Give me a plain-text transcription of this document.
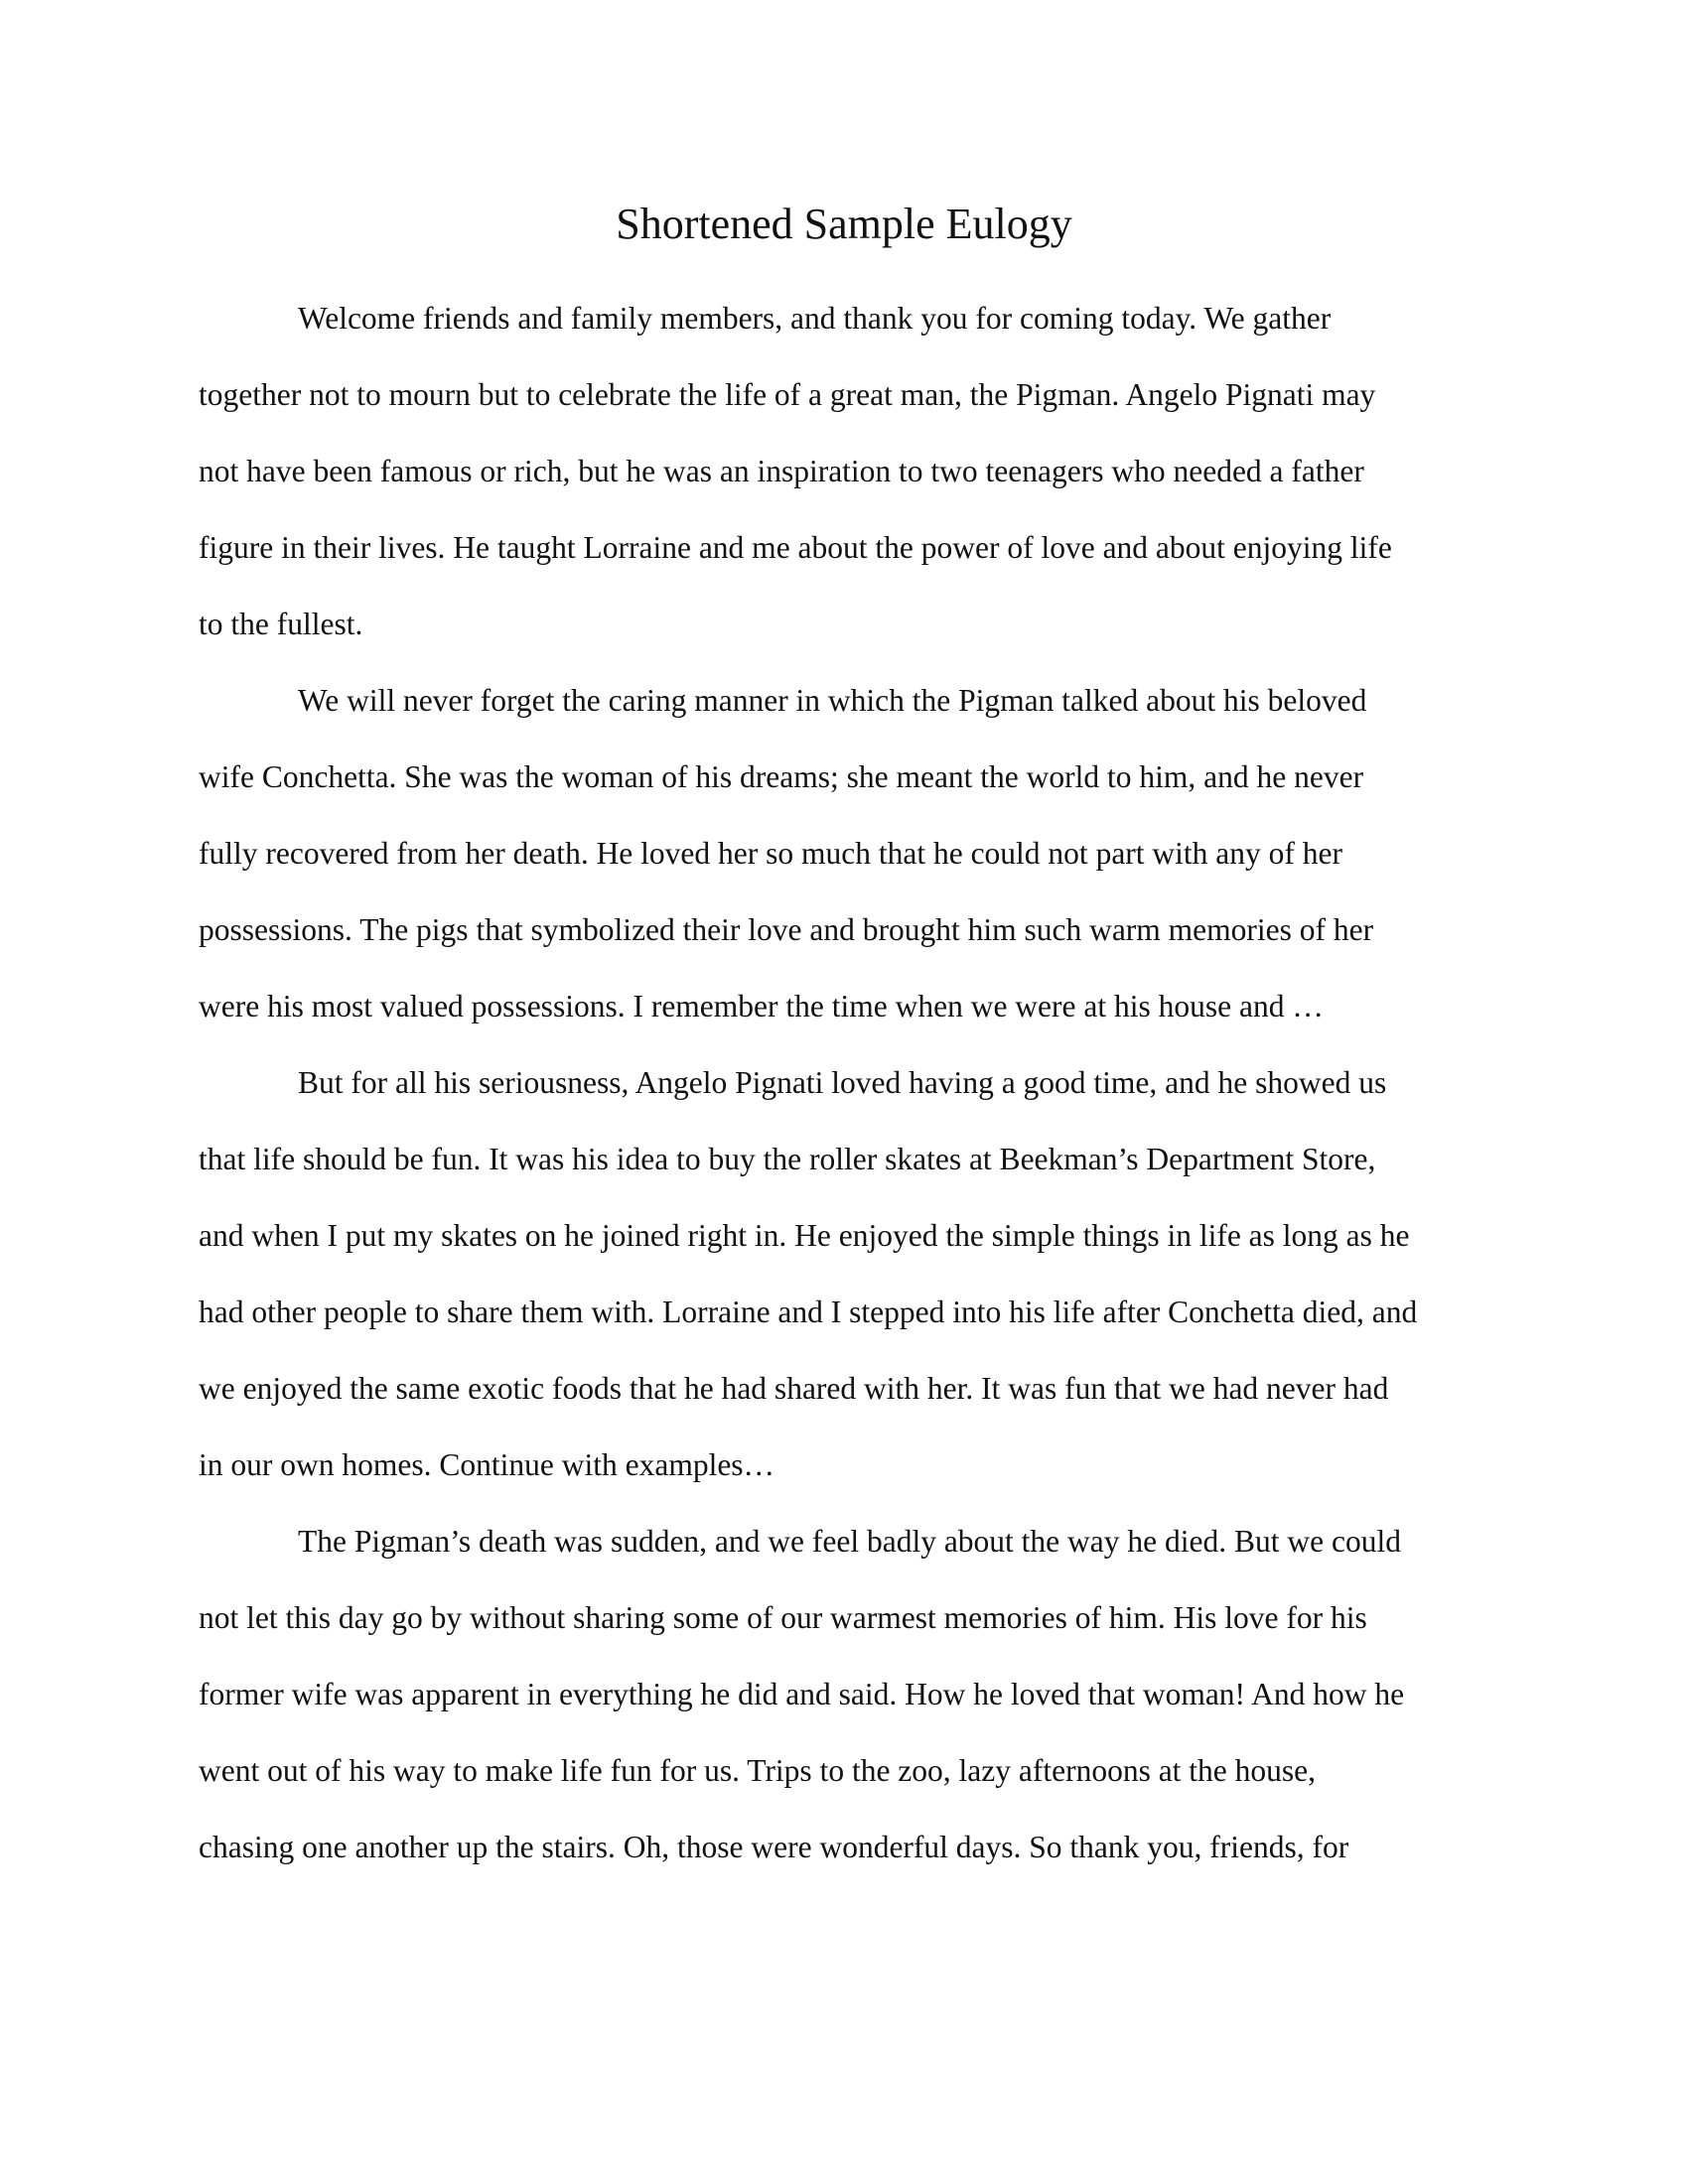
Shortened Sample Eulogy

Welcome friends and family members, and thank you for coming today. We gather

together not to mourn but to celebrate the life of a great man, the Pigman. Angelo Pignati may

not have been famous or rich, but he was an inspiration to two teenagers who needed a father

figure in their lives. He taught Lorraine and me about the power of love and about enjoying life

to the fullest.

We will never forget the caring manner in which the Pigman talked about his beloved

wife Conchetta. She was the woman of his dreams; she meant the world to him, and he never

fully recovered from her death. He loved her so much that he could not part with any of her

possessions. The pigs that symbolized their love and brought him such warm memories of her

were his most valued possessions. I remember the time when we were at his house and …

But for all his seriousness, Angelo Pignati loved having a good time, and he showed us

that life should be fun. It was his idea to buy the roller skates at Beekman’s Department Store,

and when I put my skates on he joined right in. He enjoyed the simple things in life as long as he

had other people to share them with. Lorraine and I stepped into his life after Conchetta died, and

we enjoyed the same exotic foods that he had shared with her. It was fun that we had never had

in our own homes. Continue with examples…

The Pigman’s death was sudden, and we feel badly about the way he died. But we could

not let this day go by without sharing some of our warmest memories of him. His love for his

former wife was apparent in everything he did and said. How he loved that woman! And how he

went out of his way to make life fun for us. Trips to the zoo, lazy afternoons at the house,

chasing one another up the stairs. Oh, those were wonderful days. So thank you, friends, for
